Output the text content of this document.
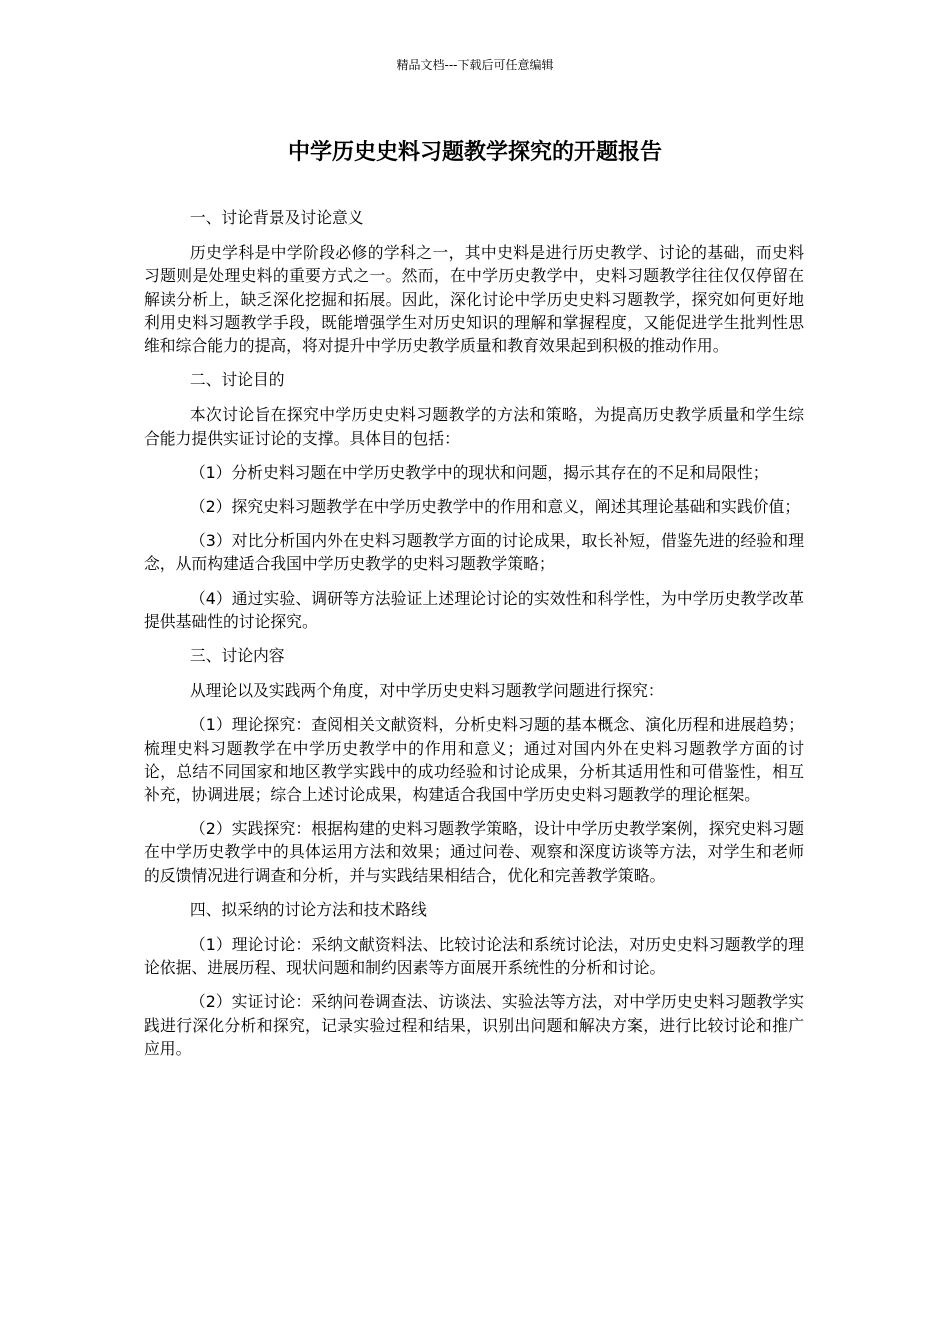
精品文档---下载后可任意编辑
中学历史史料习题教学探究的开题报告

一、讨论背景及讨论意义

历史学科是中学阶段必修的学科之一，其中史料是进行历史教学、讨论的基础，而史料习题则是处理史料的重要方式之一。然而，在中学历史教学中，史料习题教学往往仅仅停留在解读分析上，缺乏深化挖掘和拓展。因此，深化讨论中学历史史料习题教学，探究如何更好地利用史料习题教学手段，既能增强学生对历史知识的理解和掌握程度，又能促进学生批判性思维和综合能力的提高，将对提升中学历史教学质量和教育效果起到积极的推动作用。

二、讨论目的

本次讨论旨在探究中学历史史料习题教学的方法和策略，为提高历史教学质量和学生综合能力提供实证讨论的支撑。具体目的包括：

（1）分析史料习题在中学历史教学中的现状和问题，揭示其存在的不足和局限性；

（2）探究史料习题教学在中学历史教学中的作用和意义，阐述其理论基础和实践价值；

（3）对比分析国内外在史料习题教学方面的讨论成果，取长补短，借鉴先进的经验和理念，从而构建适合我国中学历史教学的史料习题教学策略；

（4）通过实验、调研等方法验证上述理论讨论的实效性和科学性，为中学历史教学改革提供基础性的讨论探究。

三、讨论内容

从理论以及实践两个角度，对中学历史史料习题教学问题进行探究：

（1）理论探究：查阅相关文献资料，分析史料习题的基本概念、演化历程和进展趋势；梳理史料习题教学在中学历史教学中的作用和意义；通过对国内外在史料习题教学方面的讨论，总结不同国家和地区教学实践中的成功经验和讨论成果，分析其适用性和可借鉴性，相互补充，协调进展；综合上述讨论成果，构建适合我国中学历史史料习题教学的理论框架。

（2）实践探究：根据构建的史料习题教学策略，设计中学历史教学案例，探究史料习题在中学历史教学中的具体运用方法和效果；通过问卷、观察和深度访谈等方法，对学生和老师的反馈情况进行调查和分析，并与实践结果相结合，优化和完善教学策略。

四、拟采纳的讨论方法和技术路线

（1）理论讨论：采纳文献资料法、比较讨论法和系统讨论法，对历史史料习题教学的理论依据、进展历程、现状问题和制约因素等方面展开系统性的分析和讨论。

（2）实证讨论：采纳问卷调查法、访谈法、实验法等方法，对中学历史史料习题教学实践进行深化分析和探究，记录实验过程和结果，识别出问题和解决方案，进行比较讨论和推广应用。
